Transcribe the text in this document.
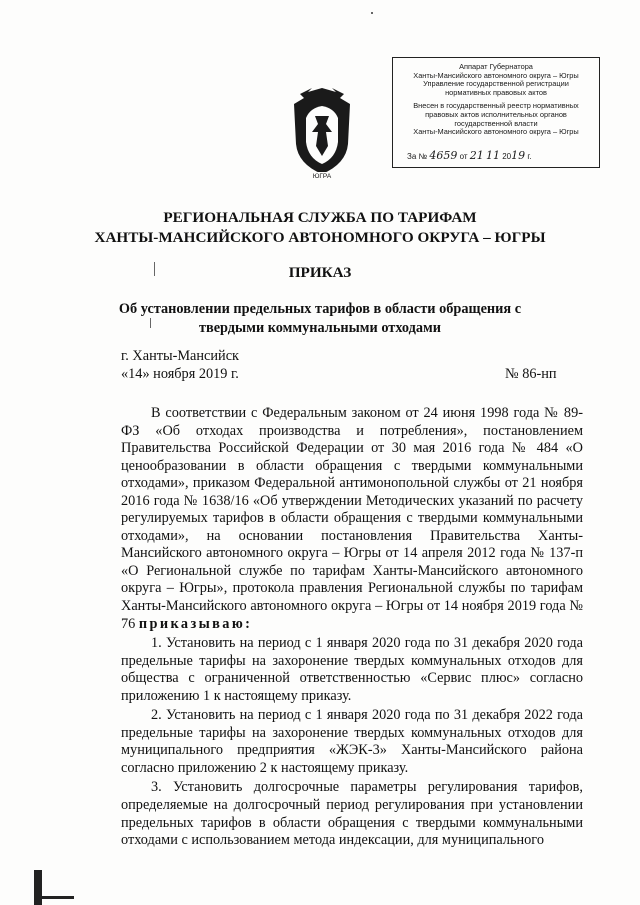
ЮГРА
Аппарат Губернатора
Ханты-Мансийского автономного округа – Югры
Управление государственной регистрации
нормативных правовых актов
Внесен в государственный реестр нормативных
правовых актов исполнительных органов
государственной власти
Ханты-Мансийского автономного округа – Югры
За № 4659 от 21 11 2019 г.
РЕГИОНАЛЬНАЯ СЛУЖБА ПО ТАРИФАМ
ХАНТЫ-МАНСИЙСКОГО АВТОНОМНОГО ОКРУГА – ЮГРЫ
ПРИКАЗ
Об установлении предельных тарифов в области обращения с
твердыми коммунальными отходами
г. Ханты-Мансийск
«14» ноября 2019 г.	№ 86-нп

В соответствии с Федеральным законом от 24 июня 1998 года № 89-ФЗ «Об отходах производства и потребления», постановлением Правительства Российской Федерации от 30 мая 2016 года № 484 «О ценообразовании в области обращения с твердыми коммунальными отходами», приказом Федеральной антимонопольной службы от 21 ноября 2016 года № 1638/16 «Об утверждении Методических указаний по расчету регулируемых тарифов в области обращения с твердыми коммунальными отходами», на основании постановления Правительства Ханты-Мансийского автономного округа – Югры от 14 апреля 2012 года № 137-п «О Региональной службе по тарифам Ханты-Мансийского автономного округа – Югры», протокола правления Региональной службы по тарифам Ханты-Мансийского автономного округа – Югры от 14 ноября 2019 года № 76 приказываю:

1. Установить на период с 1 января 2020 года по 31 декабря 2020 года предельные тарифы на захоронение твердых коммунальных отходов для общества с ограниченной ответственностью «Сервис плюс» согласно приложению 1 к настоящему приказу.

2. Установить на период с 1 января 2020 года по 31 декабря 2022 года предельные тарифы на захоронение твердых коммунальных отходов для муниципального предприятия «ЖЭК-3» Ханты-Мансийского района согласно приложению 2 к настоящему приказу.

3. Установить долгосрочные параметры регулирования тарифов, определяемые на долгосрочный период регулирования при установлении предельных тарифов в области обращения с твердыми коммунальными отходами с использованием метода индексации, для муниципального
